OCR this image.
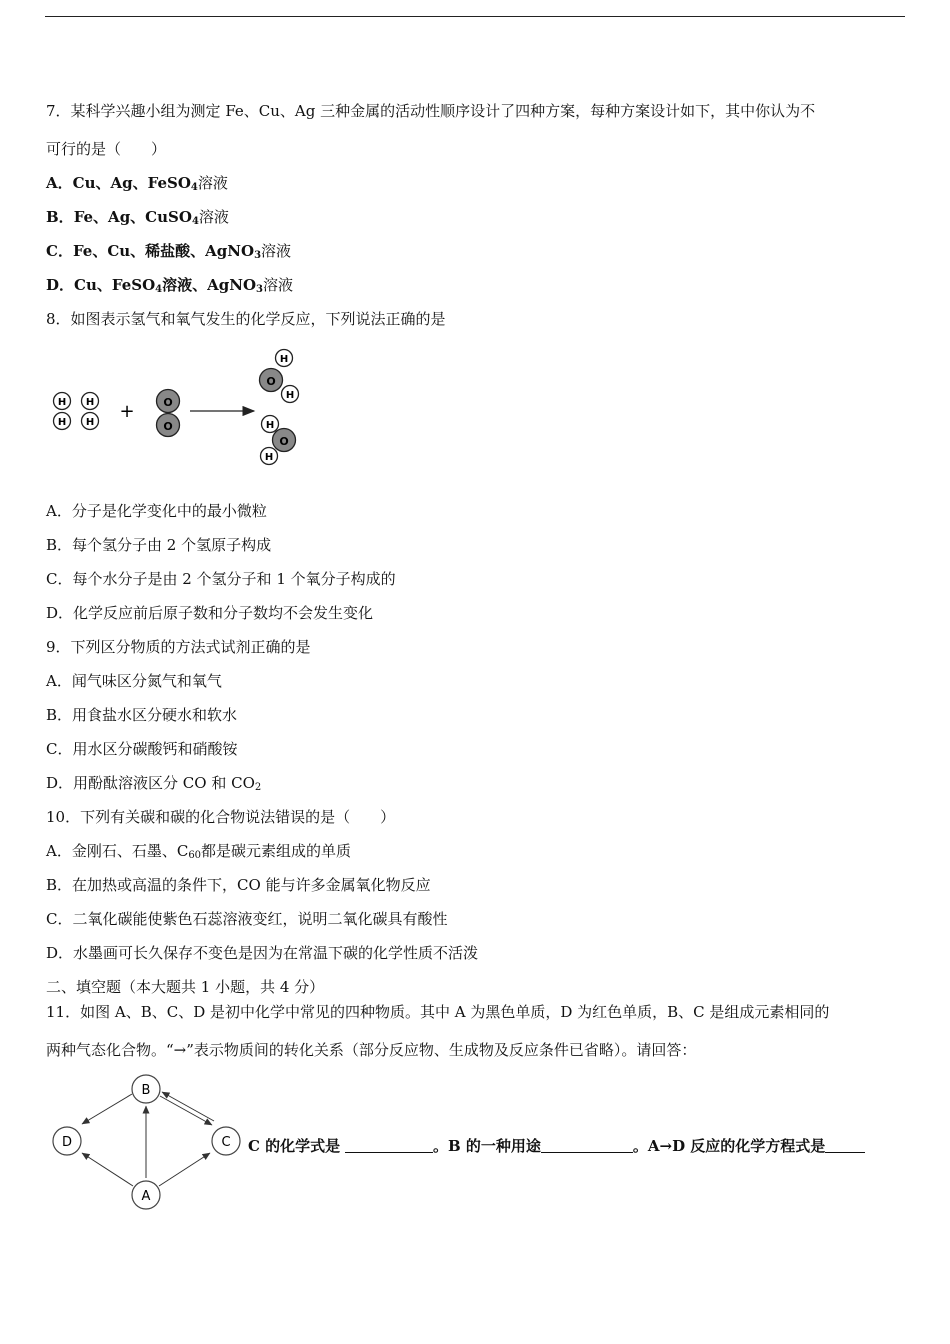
7．某科学兴趣小组为测定 Fe、Cu、Ag 三种金属的活动性顺序设计了四种方案，每种方案设计如下，其中你认为不
可行的是（　　）
A．Cu、Ag、FeSO$_4$溶液
B．Fe、Ag、CuSO$_4$溶液
C．Fe、Cu、稀盐酸、AgNO$_3$溶液
D．Cu、FeSO$_4$溶液、AgNO$_3$溶液
8．如图表示氢气和氧气发生的化学反应，下列说法正确的是
H
H
H
H
+	O
O
H
O
H
H
O
H
A．分子是化学变化中的最小微粒
B．每个氢分子由 2 个氢原子构成
C．每个水分子是由 2 个氢分子和 1 个氧分子构成的
D．化学反应前后原子数和分子数均不会发生变化
9．下列区分物质的方法式试剂正确的是
A．闻气味区分氮气和氧气
B．用食盐水区分硬水和软水
C．用水区分碳酸钙和硝酸铵
D．用酚酞溶液区分 CO 和 $CO_2$
10．下列有关碳和碳的化合物说法错误的是（　　）
A．金刚石、石墨、$C_{60}$都是碳元素组成的单质
B．在加热或高温的条件下，CO 能与许多金属氧化物反应
C．二氧化碳能使紫色石蕊溶液变红，说明二氧化碳具有酸性
D．水墨画可长久保存不变色是因为在常温下碳的化学性质不活泼
二、填空题（本大题共 1 小题，共 4 分）
11．如图 A、B、C、D 是初中化学中常见的四种物质。其中 A 为黑色单质，D 为红色单质，B、C 是组成元素相同的
两种气态化合物。“→”表示物质间的转化关系（部分反应物、生成物及反应条件已省略）。请回答：
B
D	C
A
C 的化学式是	。B 的一种用途	。A→D 反应的化学方程式是
